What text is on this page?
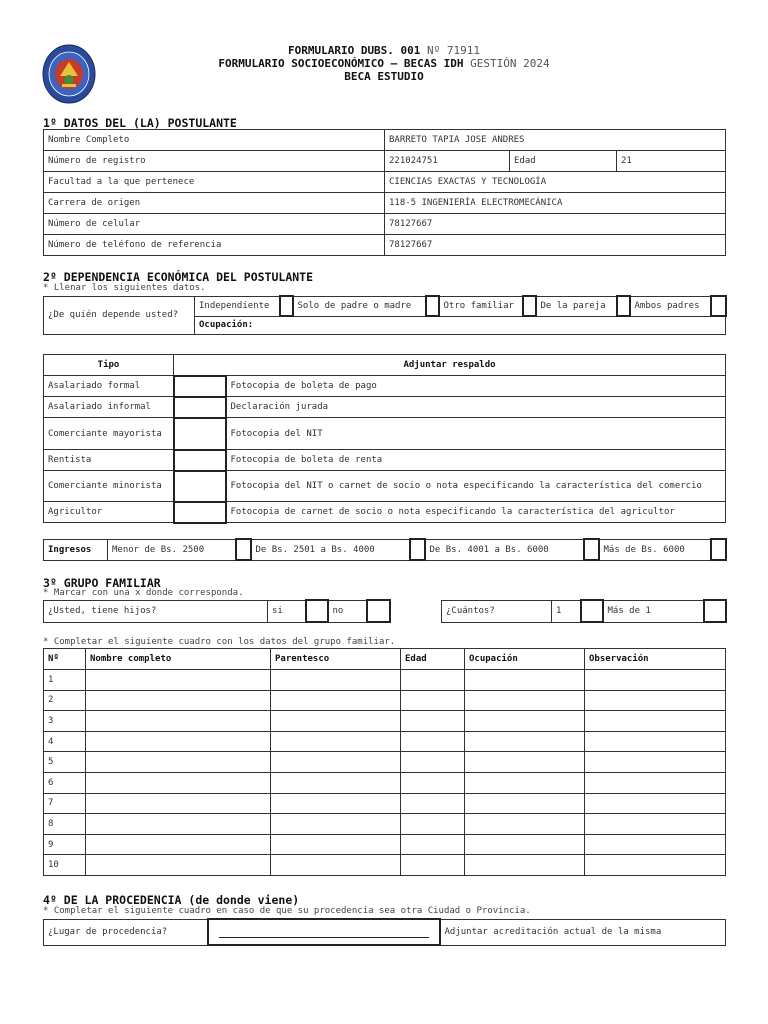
FORMULARIO DUBS. 001 Nº 71911
FORMULARIO SOCIOECONÓMICO – BECAS IDH GESTIÓN 2024
BECA ESTUDIO
1º DATOS DEL (LA) POSTULANTE
Nombre Completo	BARRETO TAPIA JOSE ANDRES		
Número de registro	221024751	Edad	21
Facultad a la que pertenece	CIENCIAS EXACTAS Y TECNOLOGÍA		
Carrera de origen	118-5 INGENIERÍA ELECTROMECÁNICA		
Número de celular	78127667		
Número de teléfono de referencia	78127667		
2º DEPENDENCIA ECONÓMICA DEL POSTULANTE
* Llenar los siguientes datos.
¿De quién depende usted?	Independiente		Solo de padre o madre		Otro familiar		De la pareja		Ambos padres	
Ocupación:
Tipo	Adjuntar respaldo	
Asalariado formal		Fotocopia de boleta de pago
Asalariado informal		Declaración jurada
Comerciante mayorista		Fotocopia del NIT
Rentista		Fotocopia de boleta de renta
Comerciante minorista		Fotocopia del NIT o carnet de socio o nota especificando la característica del comercio
Agricultor		Fotocopia de carnet de socio o nota especificando la característica del agricultor
Ingresos	Menor de Bs. 2500		De Bs. 2501 a Bs. 4000		De Bs. 4001 a Bs. 6000		Más de Bs. 6000	
3º GRUPO FAMILIAR
* Marcar con una x donde corresponda.
¿Usted, tiene hijos?	si		no		¿Cuántos?	1		Más de 1	
* Completar el siguiente cuadro con los datos del grupo familiar.
Nº	Nombre completo	Parentesco	Edad	Ocupación	Observación
1					
2					
3					
4					
5					
6					
7					
8					
9					
10					
4º DE LA PROCEDENCIA (de donde viene)
* Completar el siguiente cuadro en caso de que su procedencia sea otra Ciudad o Provincia.
¿Lugar de procedencia?		Adjuntar acreditación actual de la misma
